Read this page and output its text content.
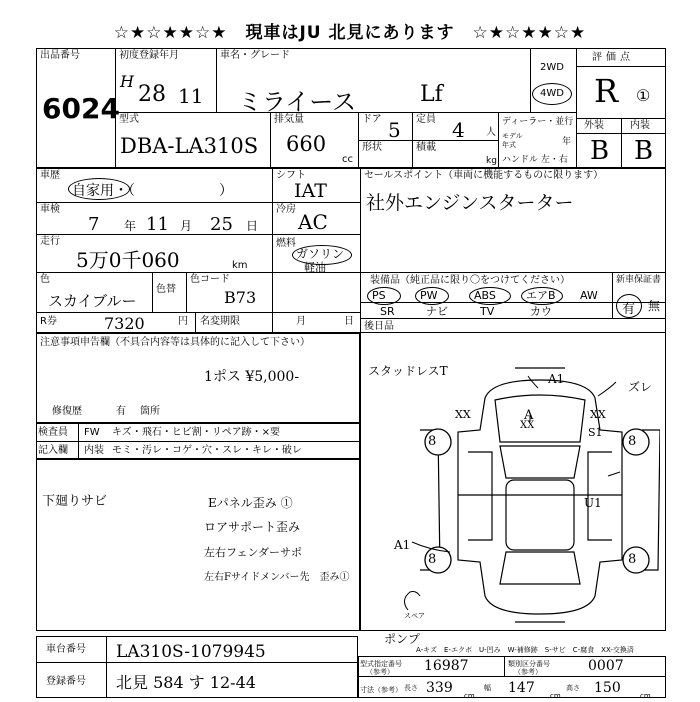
☆★☆★★☆★　現車はJU 北見にあります　☆★☆★★☆★
出品番号
6024
初度登録年月
H
28 11
車名・グレード
ミライース	Lf
2WD
4WD
評価点
R ①
外装	内装
B B
型式
DBA-LA310S
排気量
660
cc
ドア 5 定員 4 人
形状	積載
kg
ディーラー・並行
モデル
年式	年
ハンドル 左・右
車歴
自家用・（　　　　　　）
シフト
IAT
セールスポイント（車両に機能するものに限ります）
社外エンジンスターター
車検
7 年 11 月 25 日
冷房
AC
走行
5万0千060	km
燃料
ガソリン
軽油
色
スカイブルー
色替
色コード
B73
装備品（純正品に限り〇をつけてください）	新車保証書
有 無
PS	PW	ABS	エアB AW
SR	ナビ	TV	カウ
R券	7320	円 名変期限	月	日 後日品
注意事項申告欄（不具合内容等は具体的に記入して下さい）
1ポス ¥5,000-
修復歴	有 箇所
検査員
記入欄
FW キズ・飛石・ヒビ割・リペア跡・×要
内装 モミ・汚レ・コゲ・穴・スレ・キレ・破レ
下廻りサビ	Eパネル歪み ①
ロアサポート歪み
左右フェンダーサポ
左右Fサイドメンバー先　歪み①
スタッドレスT
A1
ズレ
XX	A	XX
XX
S1
U1
A1
8	8
8	8
ポンプ
スペア
A-キズ　E-エクボ　U-凹み　W-補修跡　S-サビ　C-腐食　XX-交換済
車台番号 LA310S-1079945
登録番号 北見 584 す 12-44
型式指定番号
（参考） 16987	類別区分番号
（参考）	0007
寸法（参考） 長さ 339 cm
幅 147 cm
高さ 150	cm
